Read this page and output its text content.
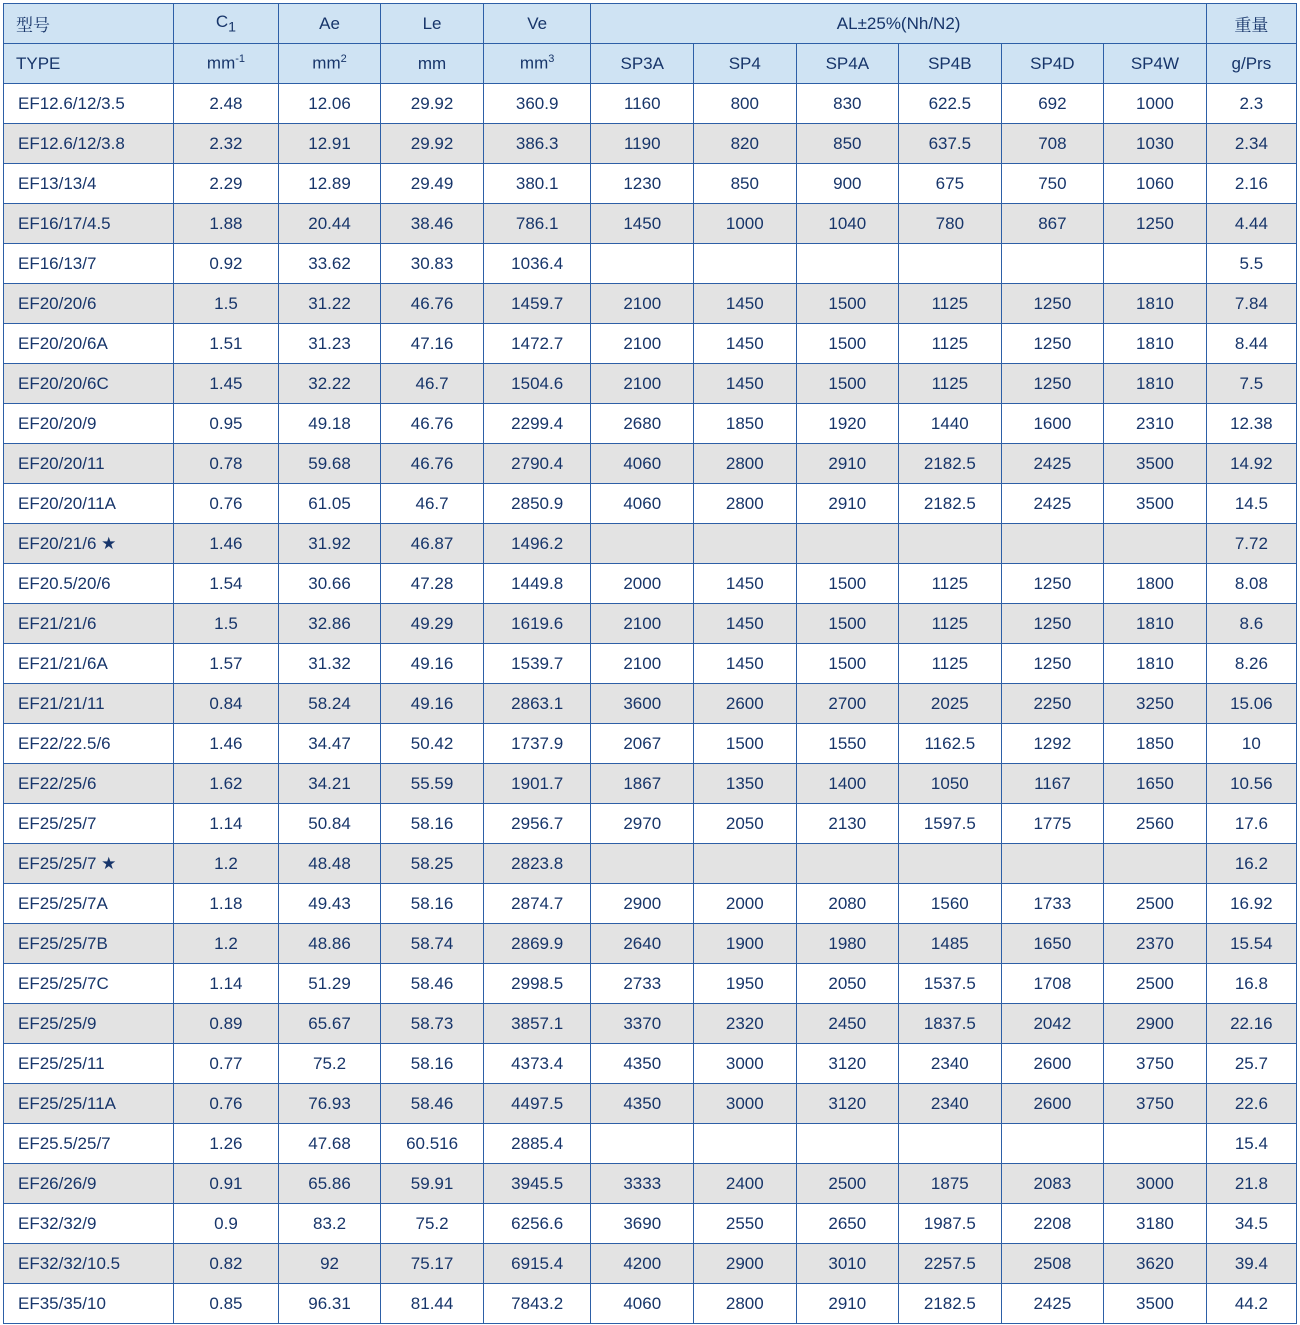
型号	$C_1$	Ae	Le	Ve	AL±25%(Nh/N2)						重量
TYPE	$mm^{-1}$	$mm^2$	mm	$mm^3$	SP3A	SP4	SP4A	SP4B	SP4D	SP4W	g/Prs
EF12.6/12/3.5	2.48	12.06	29.92	360.9	1160	800	830	622.5	692	1000	2.3
EF12.6/12/3.8	2.32	12.91	29.92	386.3	1190	820	850	637.5	708	1030	2.34
EF13/13/4	2.29	12.89	29.49	380.1	1230	850	900	675	750	1060	2.16
EF16/17/4.5	1.88	20.44	38.46	786.1	1450	1000	1040	780	867	1250	4.44
EF16/13/7	0.92	33.62	30.83	1036.4							5.5
EF20/20/6	1.5	31.22	46.76	1459.7	2100	1450	1500	1125	1250	1810	7.84
EF20/20/6A	1.51	31.23	47.16	1472.7	2100	1450	1500	1125	1250	1810	8.44
EF20/20/6C	1.45	32.22	46.7	1504.6	2100	1450	1500	1125	1250	1810	7.5
EF20/20/9	0.95	49.18	46.76	2299.4	2680	1850	1920	1440	1600	2310	12.38
EF20/20/11	0.78	59.68	46.76	2790.4	4060	2800	2910	2182.5	2425	3500	14.92
EF20/20/11A	0.76	61.05	46.7	2850.9	4060	2800	2910	2182.5	2425	3500	14.5
EF20/21/6 ★	1.46	31.92	46.87	1496.2							7.72
EF20.5/20/6	1.54	30.66	47.28	1449.8	2000	1450	1500	1125	1250	1800	8.08
EF21/21/6	1.5	32.86	49.29	1619.6	2100	1450	1500	1125	1250	1810	8.6
EF21/21/6A	1.57	31.32	49.16	1539.7	2100	1450	1500	1125	1250	1810	8.26
EF21/21/11	0.84	58.24	49.16	2863.1	3600	2600	2700	2025	2250	3250	15.06
EF22/22.5/6	1.46	34.47	50.42	1737.9	2067	1500	1550	1162.5	1292	1850	10
EF22/25/6	1.62	34.21	55.59	1901.7	1867	1350	1400	1050	1167	1650	10.56
EF25/25/7	1.14	50.84	58.16	2956.7	2970	2050	2130	1597.5	1775	2560	17.6
EF25/25/7 ★	1.2	48.48	58.25	2823.8							16.2
EF25/25/7A	1.18	49.43	58.16	2874.7	2900	2000	2080	1560	1733	2500	16.92
EF25/25/7B	1.2	48.86	58.74	2869.9	2640	1900	1980	1485	1650	2370	15.54
EF25/25/7C	1.14	51.29	58.46	2998.5	2733	1950	2050	1537.5	1708	2500	16.8
EF25/25/9	0.89	65.67	58.73	3857.1	3370	2320	2450	1837.5	2042	2900	22.16
EF25/25/11	0.77	75.2	58.16	4373.4	4350	3000	3120	2340	2600	3750	25.7
EF25/25/11A	0.76	76.93	58.46	4497.5	4350	3000	3120	2340	2600	3750	22.6
EF25.5/25/7	1.26	47.68	60.516	2885.4							15.4
EF26/26/9	0.91	65.86	59.91	3945.5	3333	2400	2500	1875	2083	3000	21.8
EF32/32/9	0.9	83.2	75.2	6256.6	3690	2550	2650	1987.5	2208	3180	34.5
EF32/32/10.5	0.82	92	75.17	6915.4	4200	2900	3010	2257.5	2508	3620	39.4
EF35/35/10	0.85	96.31	81.44	7843.2	4060	2800	2910	2182.5	2425	3500	44.2
